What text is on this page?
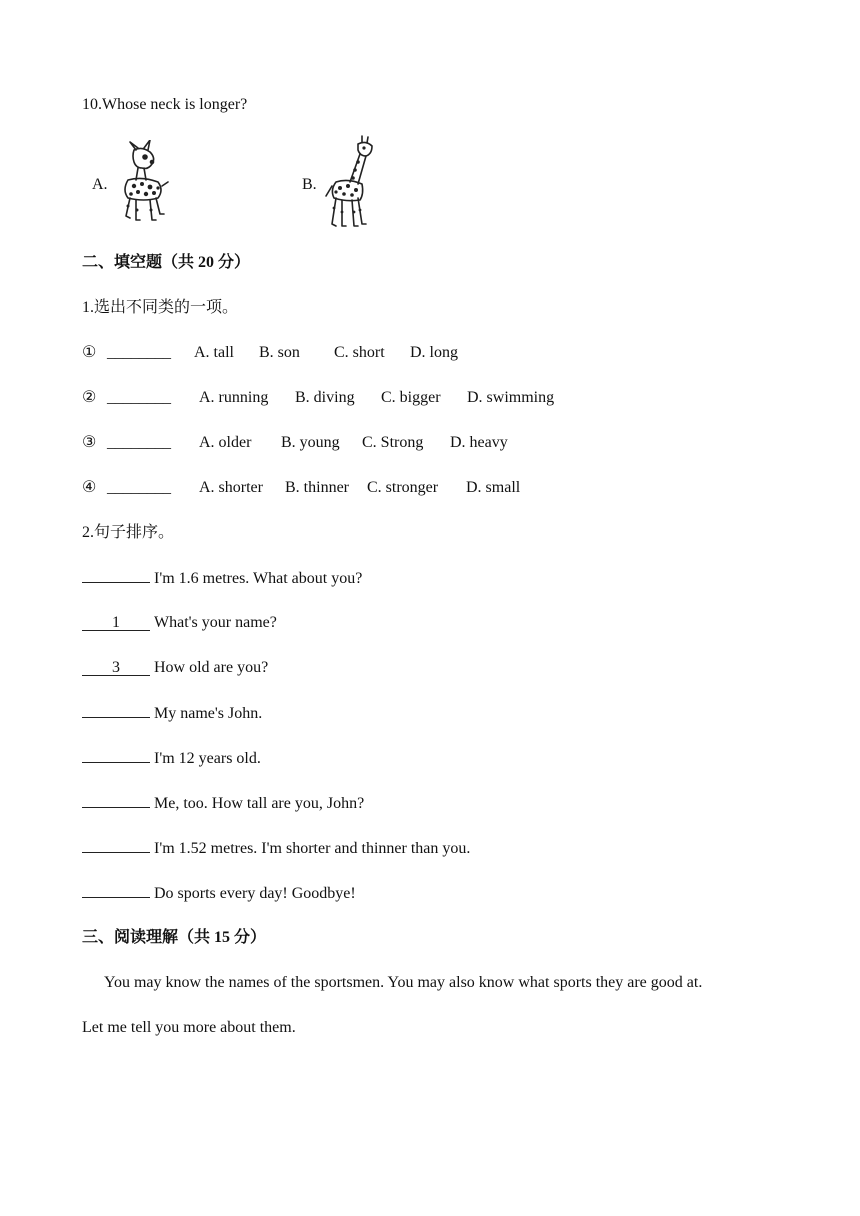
10.Whose neck is longer?
A.	B.
二、填空题（共 20 分）
1.选出不同类的一项。
① ________ A. tall B. son C. short D. long
② ________ A. running B. diving C. bigger D. swimming
③ ________ A. older B. young C. Strong D. heavy
④ ________ A. shorter B. thinner C. stronger D. small
2.句子排序。
I'm 1.6 metres. What about you?
1 What's your name?
3 How old are you?
My name's John.
I'm 12 years old.
Me, too. How tall are you, John?
I'm 1.52 metres. I'm shorter and thinner than you.
Do sports every day! Goodbye!
三、阅读理解（共 15 分）
You may know the names of the sportsmen. You may also know what sports they are good at.
Let me tell you more about them.
